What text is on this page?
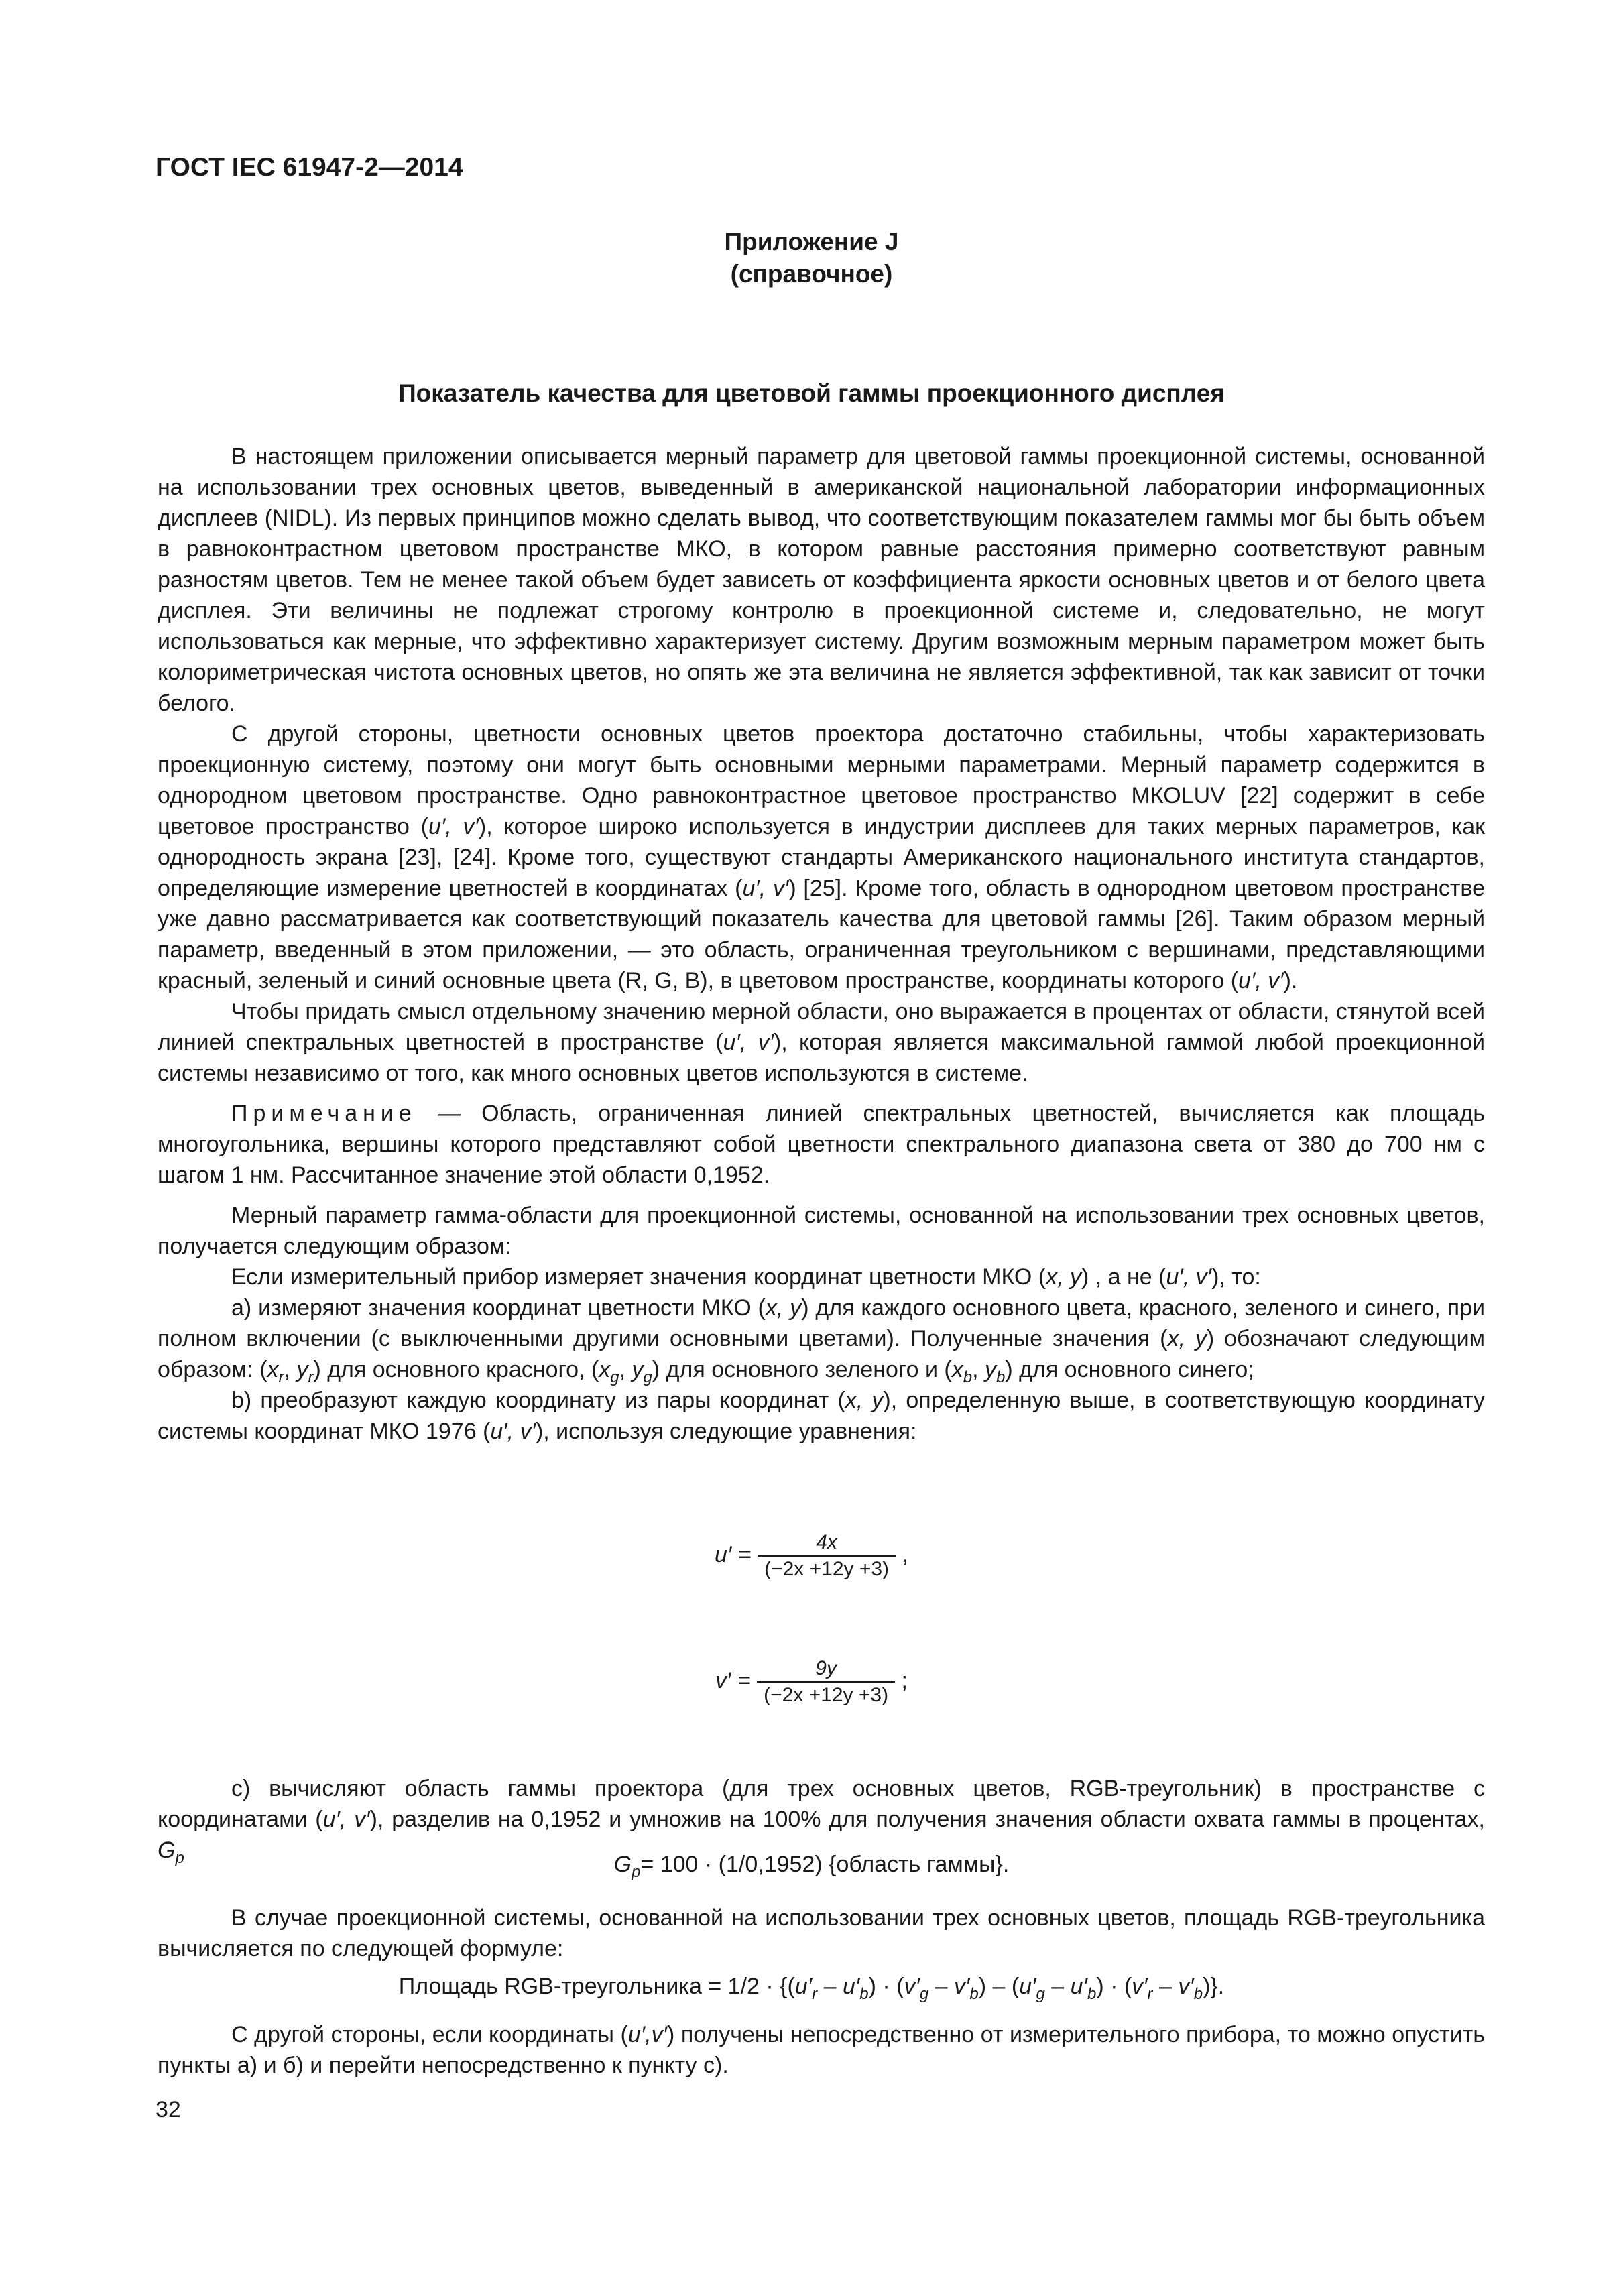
ГОСТ IEC 61947-2—2014
Приложение J
(справочное)
Показатель качества для цветовой гаммы проекционного дисплея

В настоящем приложении описывается мерный параметр для цветовой гаммы проекционной системы, основанной на использовании трех основных цветов, выведенный в американской национальной лаборатории информационных дисплеев (NIDL). Из первых принципов можно сделать вывод, что соответствующим показателем гаммы мог бы быть объем в равноконтрастном цветовом пространстве МКО, в котором равные расстояния примерно соответствуют равным разностям цветов. Тем не менее такой объем будет зависеть от коэффициента яркости основных цветов и от белого цвета дисплея. Эти величины не подлежат строгому контролю в проекционной системе и, следовательно, не могут использоваться как мерные, что эффективно характеризует систему. Другим возможным мерным параметром может быть колориметрическая чистота основных цветов, но опять же эта величина не является эффективной, так как зависит от точки белого.

С другой стороны, цветности основных цветов проектора достаточно стабильны, чтобы характеризовать проекционную систему, поэтому они могут быть основными мерными параметрами. Мерный параметр содержится в однородном цветовом пространстве. Одно равноконтрастное цветовое пространство МКОLUV [22] содержит в себе цветовое пространство (u′, v′), которое широко используется в индустрии дисплеев для таких мерных параметров, как однородность экрана [23], [24]. Кроме того, существуют стандарты Американского национального института стандартов, определяющие измерение цветностей в координатах (u′, v′) [25]. Кроме того, область в однородном цветовом пространстве уже давно рассматривается как соответствующий показатель качества для цветовой гаммы [26]. Таким образом мерный параметр, введенный в этом приложении, — это область, ограниченная треугольником с вершинами, представляющими красный, зеленый и синий основные цвета (R, G, B), в цветовом пространстве, координаты которого (u′, v′).

Чтобы придать смысл отдельному значению мерной области, оно выражается в процентах от области, стянутой всей линией спектральных цветностей в пространстве (u′, v′), которая является максимальной гаммой любой проекционной системы независимо от того, как много основных цветов используются в системе.

Примечание — Область, ограниченная линией спектральных цветностей, вычисляется как площадь многоугольника, вершины которого представляют собой цветности спектрального диапазона света от 380 до 700 нм с шагом 1 нм. Рассчитанное значение этой области 0,1952.

Мерный параметр гамма-области для проекционной системы, основанной на использовании трех основных цветов, получается следующим образом:

Если измерительный прибор измеряет значения координат цветности МКО (x, y) , а не (u′, v′), то:

а) измеряют значения координат цветности МКО (x, y) для каждого основного цвета, красного, зеленого и синего, при полном включении (с выключенными другими основными цветами). Полученные значения (x, y) обозначают следующим образом: ($x_r$, $y_r$) для основного красного, ($x_g$, $y_g$) для основного зеленого и ($x_b$, $y_b$) для основного синего;

b) преобразуют каждую координату из пары координат (x, y), определенную выше, в соответствующую координату системы координат МКО 1976 (u′, v′), используя следующие уравнения:

$u' = \frac{4x}{(-2x +12y +3)}$ ,
$v' = \frac{9y}{(-2x +12y +3)}$ ;

с) вычисляют область гаммы проектора (для трех основных цветов, RGB-треугольник) в пространстве с координатами (u′, v′), разделив на 0,1952 и умножив на 100% для получения значения области охвата гаммы в процентах, $G_p$	$G_p= 100 \cdot (1/0,1952)$ {область гаммы}.

В случае проекционной системы, основанной на использовании трех основных цветов, площадь RGB-треугольника вычисляется по следующей формуле:

Площадь RGB-треугольника = $1/2 \cdot \{(u'_r - u'_b) \cdot (v'_g - v'_b) - (u'_g - u'_b) \cdot (v'_r - v'_b)\}$.

С другой стороны, если координаты (u′,v′) получены непосредственно от измерительного прибора, то можно опустить пункты а) и б) и перейти непосредственно к пункту с).

32
